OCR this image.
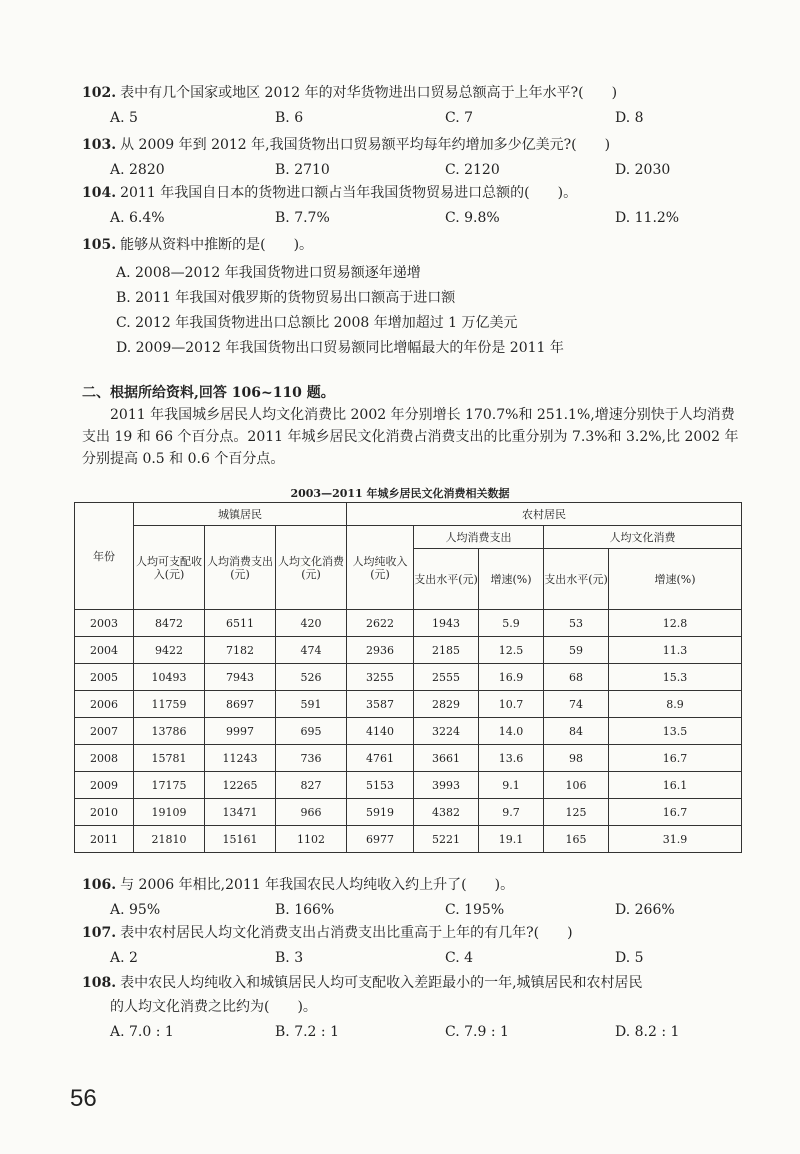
102. 表中有几个国家或地区 2012 年的对华货物进出口贸易总额高于上年水平?(　　)
A. 5	B. 6	C. 7	D. 8
103. 从 2009 年到 2012 年,我国货物出口贸易额平均每年约增加多少亿美元?(　　)
A. 2820	B. 2710	C. 2120	D. 2030
104. 2011 年我国自日本的货物进口额占当年我国货物贸易进口总额的(　　)。
A. 6.4%	B. 7.7%	C. 9.8%	D. 11.2%
105. 能够从资料中推断的是(　　)。
A. 2008—2012 年我国货物进口贸易额逐年递增
B. 2011 年我国对俄罗斯的货物贸易出口额高于进口额
C. 2012 年我国货物进出口总额比 2008 年增加超过 1 万亿美元
D. 2009—2012 年我国货物出口贸易额同比增幅最大的年份是 2011 年
二、根据所给资料,回答 106~110 题。
2011 年我国城乡居民人均文化消费比 2002 年分别增长 170.7%和 251.1%,增速分别快于人均消费支出 19 和 66 个百分点。2011 年城乡居民文化消费占消费支出的比重分别为 7.3%和 3.2%,比 2002 年分别提高 0.5 和 0.6 个百分点。
2003—2011 年城乡居民文化消费相关数据
年份	城镇居民			农村居民				
	人均可支配收入(元)	人均消费支出(元)	人均文化消费(元)	人均纯收入(元)	人均消费支出		人均文化消费	
					支出水平(元)	增速(%)	支出水平(元)	增速(%)
2003	8472	6511	420	2622	1943	5.9	53	12.8
2004	9422	7182	474	2936	2185	12.5	59	11.3
2005	10493	7943	526	3255	2555	16.9	68	15.3
2006	11759	8697	591	3587	2829	10.7	74	8.9
2007	13786	9997	695	4140	3224	14.0	84	13.5
2008	15781	11243	736	4761	3661	13.6	98	16.7
2009	17175	12265	827	5153	3993	9.1	106	16.1
2010	19109	13471	966	5919	4382	9.7	125	16.7
2011	21810	15161	1102	6977	5221	19.1	165	31.9
106. 与 2006 年相比,2011 年我国农民人均纯收入约上升了(　　)。
A. 95%	B. 166%	C. 195%	D. 266%
107. 表中农村居民人均文化消费支出占消费支出比重高于上年的有几年?(　　)
A. 2	B. 3	C. 4	D. 5
108. 表中农民人均纯收入和城镇居民人均可支配收入差距最小的一年,城镇居民和农村居民
的人均文化消费之比约为(　　)。
A. 7.0 : 1	B. 7.2 : 1	C. 7.9 : 1	D. 8.2 : 1
56
